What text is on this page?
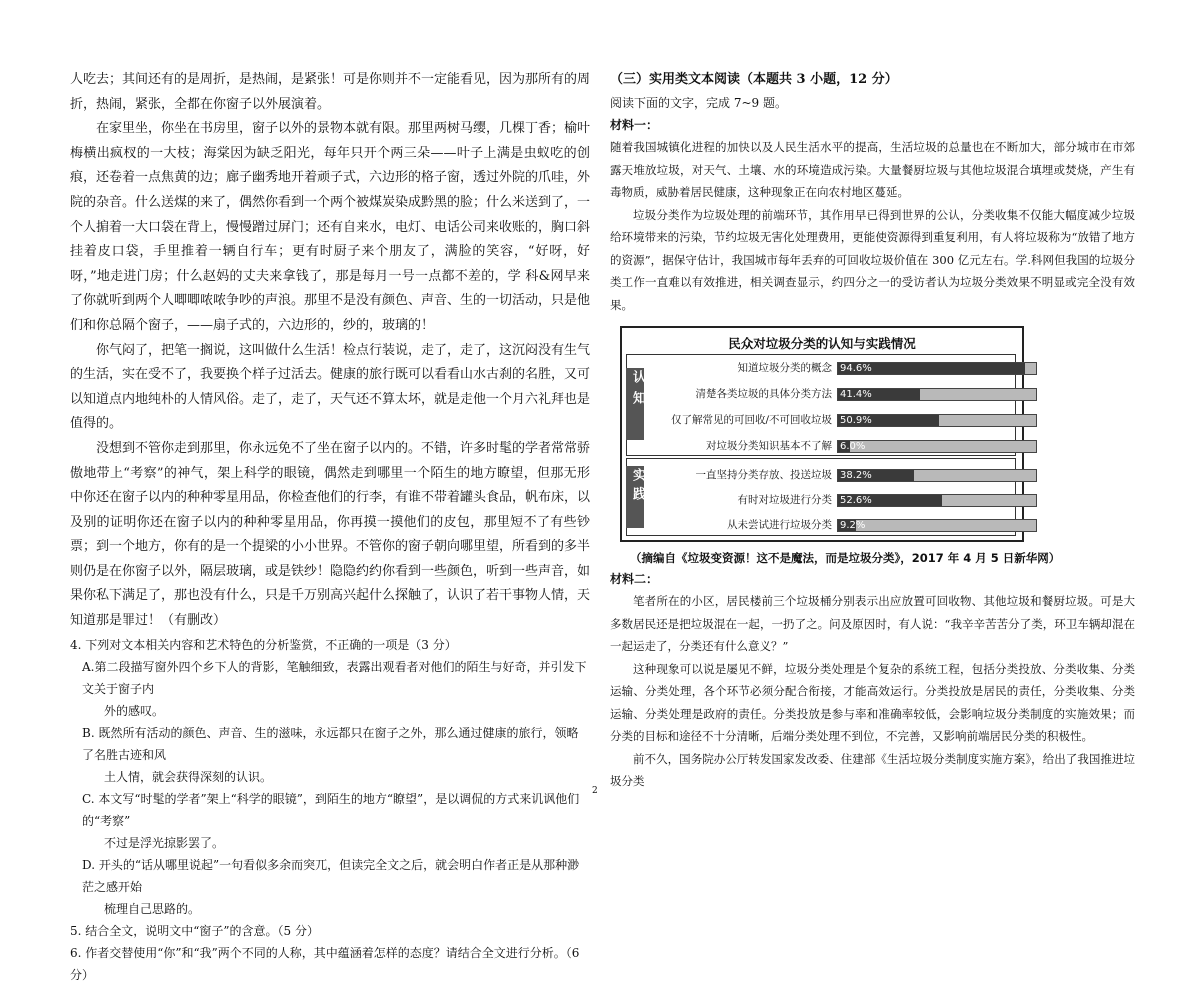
人吃去；其间还有的是周折，是热闹，是紧张！可是你则并不一定能看见，因为那所有的周折，热闹，紧张，全都在你窗子以外展演着。

在家里坐，你坐在书房里，窗子以外的景物本就有限。那里两树马缨，几棵丁香；榆叶梅横出疯杈的一大枝；海棠因为缺乏阳光，每年只开个两三朵——叶子上满是虫蚁吃的创痕，还卷着一点焦黄的边；廊子幽秀地开着顽子式，六边形的格子窗，透过外院的爪哇，外院的杂音。什么送煤的来了，偶然你看到一个两个被煤炭染成黔黑的脸；什么米送到了，一个人掮着一大口袋在背上，慢慢蹭过屏门；还有自来水，电灯、电话公司来收账的，胸口斜挂着皮口袋，手里推着一辆自行车；更有时厨子来个朋友了，满脸的笑容，“好呀，好呀，”地走进门房；什么赵妈的丈夫来拿钱了，那是每月一号一点都不差的，学 科&网早来了你就听到两个人唧唧哝哝争吵的声浪。那里不是没有颜色、声音、生的一切活动，只是他们和你总隔个窗子，——扇子式的，六边形的，纱的，玻璃的！

你气闷了，把笔一搁说，这叫做什么生活！检点行装说，走了，走了，这沉闷没有生气的生活，实在受不了，我要换个样子过活去。健康的旅行既可以看看山水古刹的名胜，又可以知道点内地纯朴的人情风俗。走了，走了，天气还不算太坏，就是走他一个月六礼拜也是值得的。

没想到不管你走到那里，你永远免不了坐在窗子以内的。不错，许多时髦的学者常常骄傲地带上“考察”的神气，架上科学的眼镜，偶然走到哪里一个陌生的地方瞭望，但那无形中你还在窗子以内的种种零星用品，你检查他们的行李，有谁不带着罐头食品，帆布床，以及别的证明你还在窗子以内的种种零星用品，你再摸一摸他们的皮包，那里短不了有些钞票；到一个地方，你有的是一个提梁的小小世界。不管你的窗子朝向哪里望，所看到的多半则仍是在你窗子以外，隔层玻璃，或是铁纱！隐隐约约你看到一些颜色，听到一些声音，如果你私下满足了，那也没有什么，只是千万别高兴起什么探触了，认识了若干事物人情，天知道那是罪过！（有删改）

4. 下列对文本相关内容和艺术特色的分析鉴赏，不正确的一项是（3 分）

A.第二段描写窗外四个乡下人的背影，笔触细致，表露出观看者对他们的陌生与好奇，并引发下文关于窗子内
外的感叹。

B. 既然所有活动的颜色、声音、生的滋味，永远都只在窗子之外，那么通过健康的旅行，领略了名胜古迹和风
土人情，就会获得深刻的认识。

C. 本文写“时髦的学者”架上“科学的眼镜”，到陌生的地方“瞭望”，是以调侃的方式来讥讽他们的“考察”
不过是浮光掠影罢了。

D. 开头的“话从哪里说起”一句看似多余而突兀，但读完全文之后，就会明白作者正是从那种渺茫之感开始
梳理自己思路的。

5. 结合全文，说明文中“窗子”的含意。（5 分）

6. 作者交替使用“你”和“我”两个不同的人称，其中蕴涵着怎样的态度？请结合全文进行分析。（6 分）

（三）实用类文本阅读（本题共 3 小题，12 分）

阅读下面的文字，完成 7~9 题。

材料一：

随着我国城镇化进程的加快以及人民生活水平的提高，生活垃圾的总量也在不断加大，部分城市在市郊露天堆放垃圾，对天气、土壤、水的环境造成污染。大量餐厨垃圾与其他垃圾混合填埋或焚烧，产生有毒物质，威胁着居民健康，这种现象正在向农村地区蔓延。

垃圾分类作为垃圾处理的前端环节，其作用早已得到世界的公认，分类收集不仅能大幅度减少垃圾给环境带来的污染，节约垃圾无害化处理费用，更能使资源得到重复利用，有人将垃圾称为“放错了地方的资源”，据保守估计，我国城市每年丢弃的可回收垃圾价值在 300 亿元左右。学.科网但我国的垃圾分类工作一直难以有效推进，相关调查显示，约四分之一的受访者认为垃圾分类效果不明显或完全没有效果。

民众对垃圾分类的认知与实践情况
认知
实践
知道垃圾分类的概念 94.6%
清楚各类垃圾的具体分类方法 41.4%
仅了解常见的可回收/不可回收垃圾 50.9%
对垃圾分类知识基本不了解 6.0%
一直坚持分类存放、投送垃圾 38.2%
有时对垃圾进行分类 52.6%
从未尝试进行垃圾分类 9.2%

（摘编自《垃圾变资源！这不是魔法，而是垃圾分类》，2017 年 4 月 5 日新华网）

材料二：

笔者所在的小区，居民楼前三个垃圾桶分别表示出应放置可回收物、其他垃圾和餐厨垃圾。可是大多数居民还是把垃圾混在一起，一扔了之。问及原因时，有人说：“我辛辛苦苦分了类，环卫车辆却混在一起运走了，分类还有什么意义？”

这种现象可以说是屡见不鲜，垃圾分类处理是个复杂的系统工程，包括分类投放、分类收集、分类运输、分类处理，各个环节必须分配合衔接，才能高效运行。分类投放是居民的责任，分类收集、分类运输、分类处理是政府的责任。分类投放是参与率和准确率较低，会影响垃圾分类制度的实施效果；而分类的目标和途径不十分清晰，后端分类处理不到位，不完善，又影响前端居民分类的积极性。

前不久，国务院办公厅转发国家发改委、住建部《生活垃圾分类制度实施方案》，给出了我国推进垃圾分类

2
